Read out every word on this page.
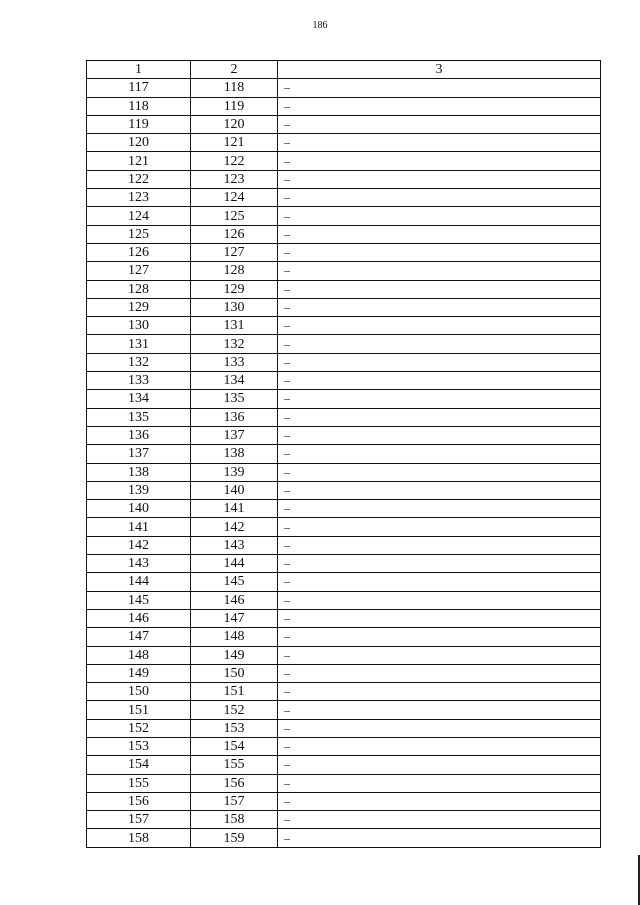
186
1	2	3
117	118	–
118	119	–
119	120	–
120	121	–
121	122	–
122	123	–
123	124	–
124	125	–
125	126	–
126	127	–
127	128	–
128	129	–
129	130	–
130	131	–
131	132	–
132	133	–
133	134	–
134	135	–
135	136	–
136	137	–
137	138	–
138	139	–
139	140	–
140	141	–
141	142	–
142	143	–
143	144	–
144	145	–
145	146	–
146	147	–
147	148	–
148	149	–
149	150	–
150	151	–
151	152	–
152	153	–
153	154	–
154	155	–
155	156	–
156	157	–
157	158	–
158	159	–
